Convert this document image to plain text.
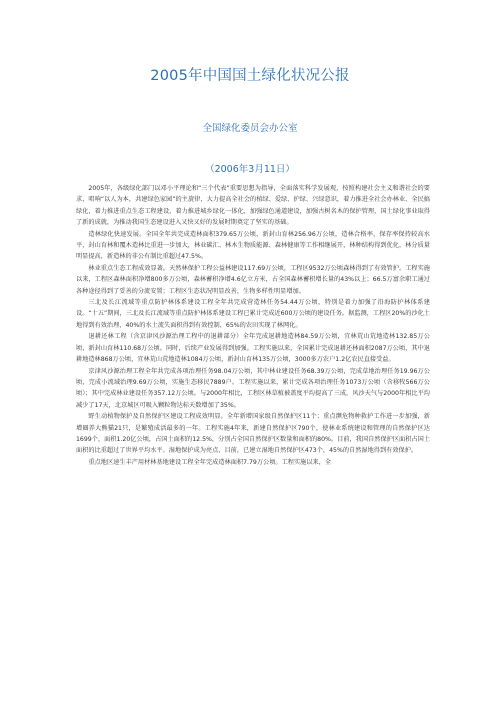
2005年中国国土绿化状况公报
全国绿化委员会办公室
（2006年3月11日）

2005年，各级绿化部门以邓小平理论和“三个代表”重要思想为指导，全面落实科学发展观，按照构建社会主义和谐社会的要求，唱响“以人为本，共建绿色家园”的主旋律，大力提高全社会的植绿、爱绿、护绿、兴绿意识，着力推进全社会办林业、全民搞绿化，着力推进重点生态工程建设，着力推进城乡绿化一体化，加强绿色通道建设，加强古树名木的保护管理，国土绿化事业取得了新的成就，为推动我国生态建设进入又快又好的发展时期奠定了坚实的基础。

造林绿化快速发展。全国全年共完成造林面积379.65万公顷，新封山育林256.96万公顷，造林合格率、保存率保持较高水平，封山育林和覆木造林比重进一步加大，林业碳汇、林木生物质能源、森林健康等工作相继展开，林种结构得到优化，林分质量明显提高，新造林的非公有制比重超过47.5%。

林业重点生态工程成效显著。天然林保护工程公益林建设117.69万公顷，工程区9532万公顷森林得到了有效管护。工程实施以来，工程区森林面积净增800多万公顷，森林蓄积净增4.6亿立方米，占全国森林蓄积增长量的43%以上；66.5万富余职工通过各种途径得到了妥善的分流安置；工程区生态状况明显改善，生物多样性明显增加。

三北及长江流域等重点防护林体系建设工程全年共完成营造林任务54.44万公顷，特别是着力加强了沿海防护林体系建设。“十五”期间，三北及长江流域等重点防护林体系建设工程已累计完成近600万公顷的建设任务。据监测，工程区20%的沙化土地得到有效治理，40%的水土流失面积得到有效控制，65%的农田实现了林网化。

退耕还林工程（含京津风沙源治理工程中的退耕部分）全年完成退耕地造林84.59万公顷，宜林荒山荒地造林132.85万公顷，新封山育林110.68万公顷。同时，后续产业发展得到加强。工程实施以来，全国累计完成退耕还林面积2087万公顷，其中退耕地造林868万公顷，宜林荒山荒地造林1084万公顷，新封山育林135万公顷，3000多万农户1.2亿农民直接受益。

京津风沙源治理工程全年共完成各项治理任务98.04万公顷，其中林业建设任务68.39万公顷，完成草地治理任务19.96万公顷，完成小流域治理9.69万公顷，实施生态移民7889户。工程实施以来，累计完成各项治理任务1073万公顷（含移牧566万公顷）；其中完成林业建设任务357.12万公顷。与2000年相比，工程区林草植被盖度平均提高了三成，风沙天气与2000年相比平均减少了17天，北京城区可吸入颗粒物达标天数增加了35%。

野生动植物保护及自然保护区建设工程成效明显。全年新增国家级自然保护区11个；重点濒危物种救护工作进一步加强，新增圈养大熊猫21只，是繁殖成活最多的一年。工程实施4年来，新建自然保护区790个，使林业系统建设和管理的自然保护区达1699个，面积1.20亿公顷，占国土面积的12.5%，分别占全国自然保护区数量和面积的80%。目前，我国自然保护区面积占国土面积的比重超过了世界平均水平。湿地保护成为亮点，目前，已建立湿地自然保护区473个，45%的自然湿地得到有效保护。

重点地区速生丰产用材林基地建设工程全年完成造林面积7.79万公顷。工程实施以来，全
